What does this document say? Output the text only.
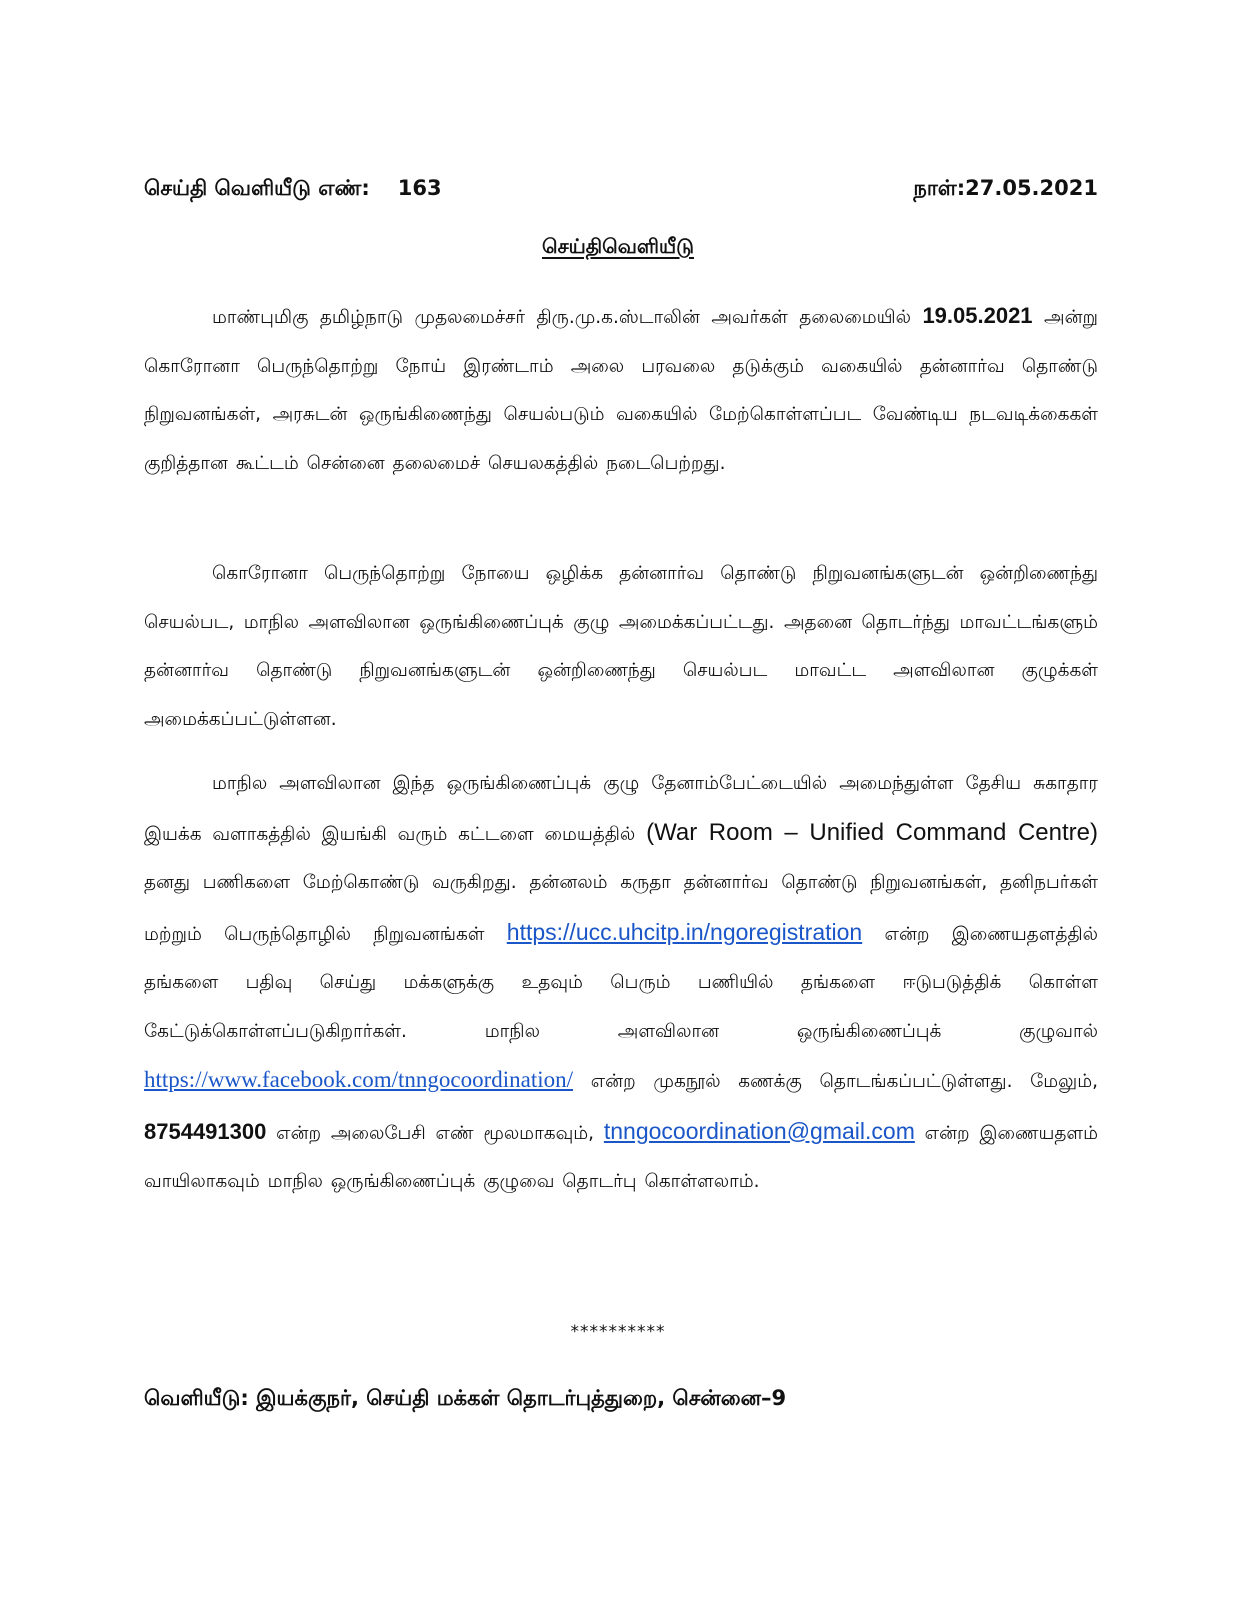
செய்தி வெளியீடு எண்: 163	நாள்:27.05.2021
செய்திவெளியீடு

மாண்புமிகு தமிழ்நாடு முதலமைச்சர் திரு.மு.க.ஸ்டாலின் அவர்கள் தலைமையில் 19.05.2021 அன்று கொரோனா பெருந்தொற்று நோய் இரண்டாம் அலை பரவலை தடுக்கும் வகையில் தன்னார்வ தொண்டு நிறுவனங்கள், அரசுடன் ஒருங்கிணைந்து செயல்படும் வகையில் மேற்கொள்ளப்பட வேண்டிய நடவடிக்கைகள் குறித்தான கூட்டம் சென்னை தலைமைச் செயலகத்தில் நடைபெற்றது.

கொரோனா பெருந்தொற்று நோயை ஒழிக்க தன்னார்வ தொண்டு நிறுவனங்களுடன் ஒன்றிணைந்து செயல்பட, மாநில அளவிலான ஒருங்கிணைப்புக் குழு அமைக்கப்பட்டது. அதனை தொடர்ந்து மாவட்டங்களும் தன்னார்வ தொண்டு நிறுவனங்களுடன் ஒன்றிணைந்து செயல்பட மாவட்ட அளவிலான குழுக்கள் அமைக்கப்பட்டுள்ளன.

மாநில அளவிலான இந்த ஒருங்கிணைப்புக் குழு தேனாம்பேட்டையில் அமைந்துள்ள தேசிய சுகாதார இயக்க வளாகத்தில் இயங்கி வரும் கட்டளை மையத்தில் (War Room – Unified Command Centre) தனது பணிகளை மேற்கொண்டு வருகிறது. தன்னலம் கருதா தன்னார்வ தொண்டு நிறுவனங்கள், தனிநபர்கள் மற்றும் பெருந்தொழில் நிறுவனங்கள் https://ucc.uhcitp.in/ngoregistration என்ற இணையதளத்தில் தங்களை பதிவு செய்து மக்களுக்கு உதவும் பெரும் பணியில் தங்களை ஈடுபடுத்திக் கொள்ள கேட்டுக்கொள்ளப்படுகிறார்கள். மாநில அளவிலான ஒருங்கிணைப்புக் குழுவால் https://www.facebook.com/tnngocoordination/ என்ற முகநூல் கணக்கு தொடங்கப்பட்டுள்ளது. மேலும், 8754491300 என்ற அலைபேசி எண் மூலமாகவும், tnngocoordination@gmail.com என்ற இணையதளம் வாயிலாகவும் மாநில ஒருங்கிணைப்புக் குழுவை தொடர்பு கொள்ளலாம்.

**********
வெளியீடு: இயக்குநர், செய்தி மக்கள் தொடர்புத்துறை, சென்னை–9
